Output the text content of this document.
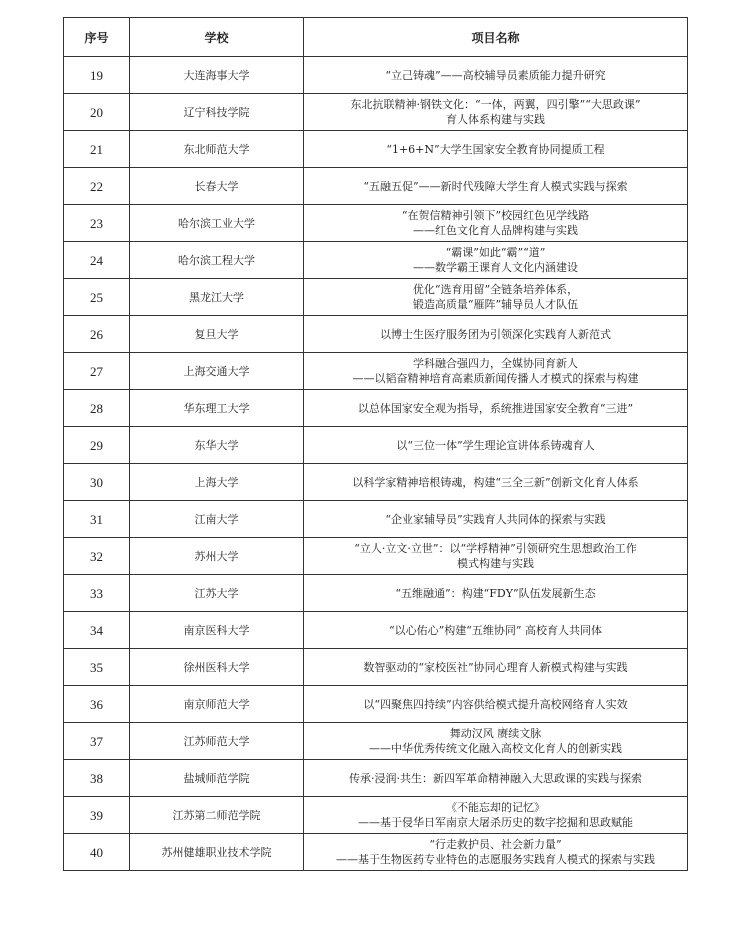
序号	学校	项目名称
19	大连海事大学	“立己铸魂”——高校辅导员素质能力提升研究

20	辽宁科技学院	东北抗联精神·钢铁文化：“一体，两翼，四引擎”“大思政课”
育人体系构建与实践

21	东北师范大学	“1+6+N”大学生国家安全教育协同提质工程

22	长春大学	“五融五促”——新时代残障大学生育人模式实践与探索

23	哈尔滨工业大学	“在贺信精神引领下”校园红色见学线路
——红色文化育人品牌构建与实践

24	哈尔滨工程大学	“霸课”如此“霸”“道”
——数学霸王课育人文化内涵建设

25	黑龙江大学	优化“选育用留”全链条培养体系，
锻造高质量“雁阵”辅导员人才队伍

26	复旦大学	以博士生医疗服务团为引领深化实践育人新范式

27	上海交通大学	学科融合强四力，全媒协同育新人
——以韬奋精神培育高素质新闻传播人才模式的探索与构建

28	华东理工大学	以总体国家安全观为指导，系统推进国家安全教育“三进”

29	东华大学	以“三位一体”学生理论宣讲体系铸魂育人

30	上海大学	以科学家精神培根铸魂，构建“三全三新”创新文化育人体系

31	江南大学	“企业家辅导员”实践育人共同体的探索与实践

32	苏州大学	“立人·立文·立世”：以“学桴精神”引领研究生思想政治工作
模式构建与实践

33	江苏大学	“五维融通”：构建“FDY”队伍发展新生态

34	南京医科大学	“以心佑心”构建“五维协同” 高校育人共同体

35	徐州医科大学	数智驱动的“家校医社”协同心理育人新模式构建与实践

36	南京师范大学	以“四聚焦四持续”内容供给模式提升高校网络育人实效

37	江苏师范大学	舞动汉风 赓续文脉
——中华优秀传统文化融入高校文化育人的创新实践

38	盐城师范学院	传承·浸润·共生：新四军革命精神融入大思政课的实践与探索

39	江苏第二师范学院	《不能忘却的记忆》
——基于侵华日军南京大屠杀历史的数字挖掘和思政赋能

40	苏州健雄职业技术学院	“行走救护员、社会新力量”
——基于生物医药专业特色的志愿服务实践育人模式的探索与实践
